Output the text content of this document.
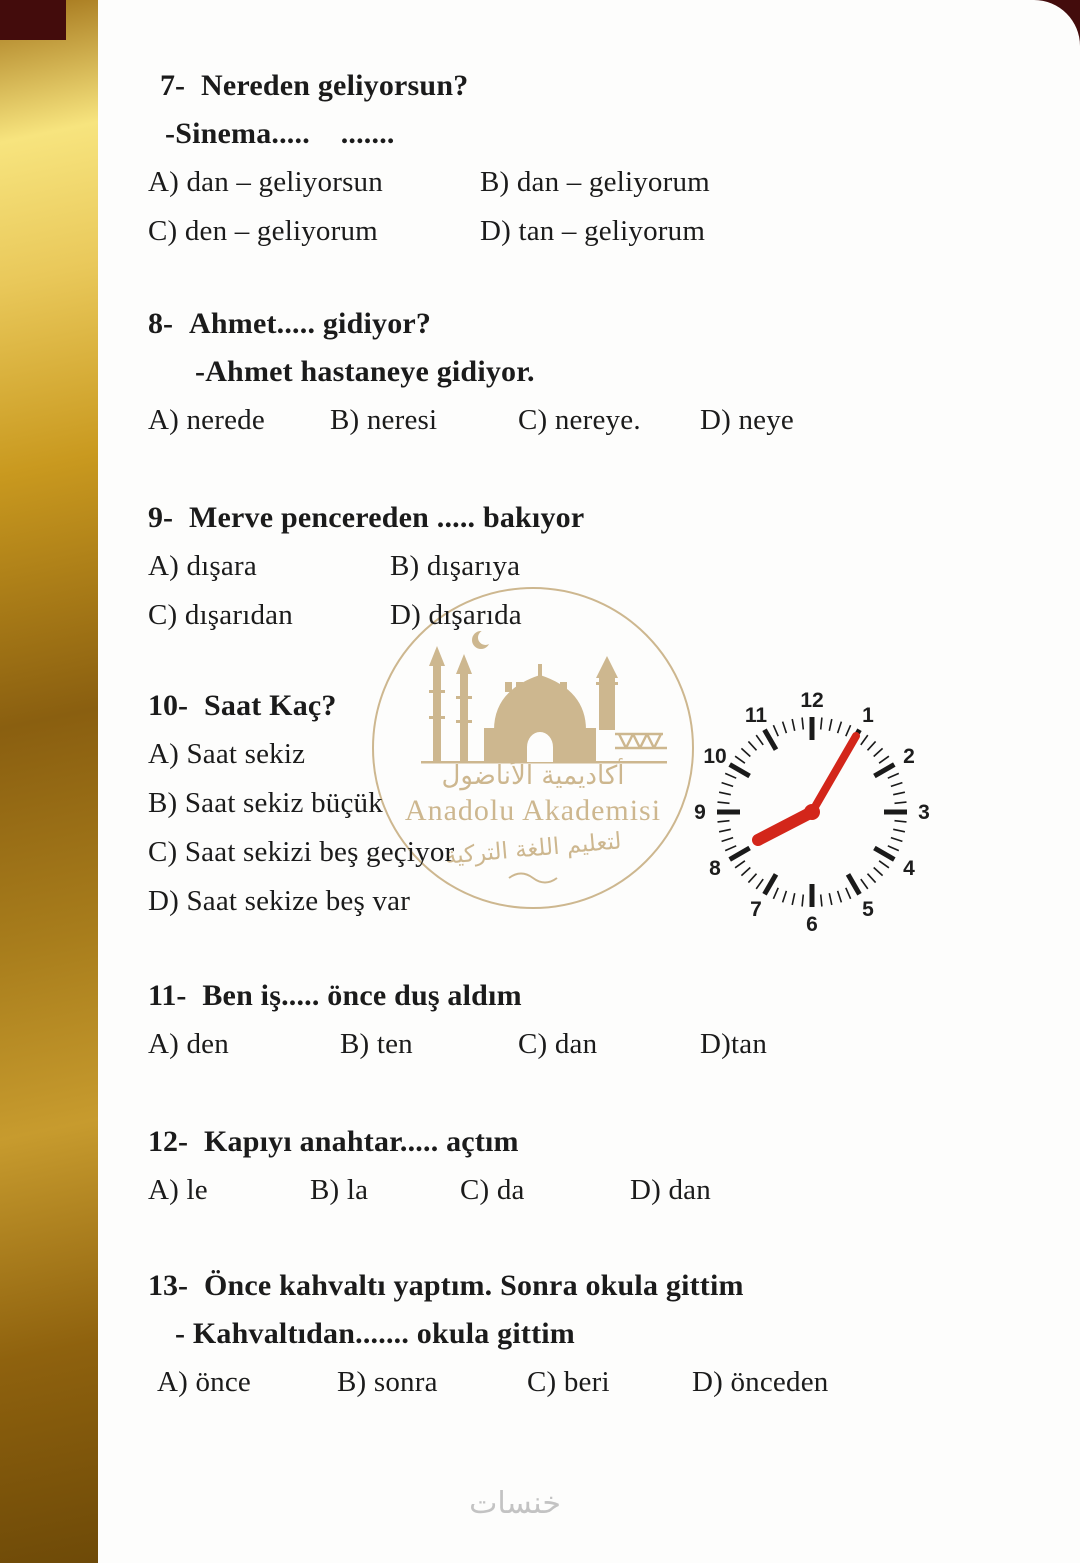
أكاديمية الأناضول
Anadolu Akademisi
لتعليم اللغة التركية
12
1
2
3
4
5
6
7
8
9
10
11
7- Nereden geliyorsun?
-Sinema.....    .......
A) dan – geliyorsun	B) dan – geliyorum
C) den – geliyorum	D) tan – geliyorum
8- Ahmet..... gidiyor?
-Ahmet hastaneye gidiyor.
A) nerede	B) neresi	C) nereye.	D) neye
9- Merve pencereden ..... bakıyor
A) dışara	B) dışarıya
C) dışarıdan	D) dışarıda
10- Saat Kaç?
A) Saat sekiz
B) Saat sekiz büçük
C) Saat sekizi beş geçiyor
D) Saat sekize beş var
11- Ben iş..... önce duş aldım
A) den	B) ten	C) dan	D)tan
12- Kapıyı anahtar..... açtım
A) le	B) la	C) da	D) dan
13- Önce kahvaltı yaptım. Sonra okula gittim
- Kahvaltıdan....... okula gittim
A) önce	B) sonra	C) beri	D) önceden
خنسات
